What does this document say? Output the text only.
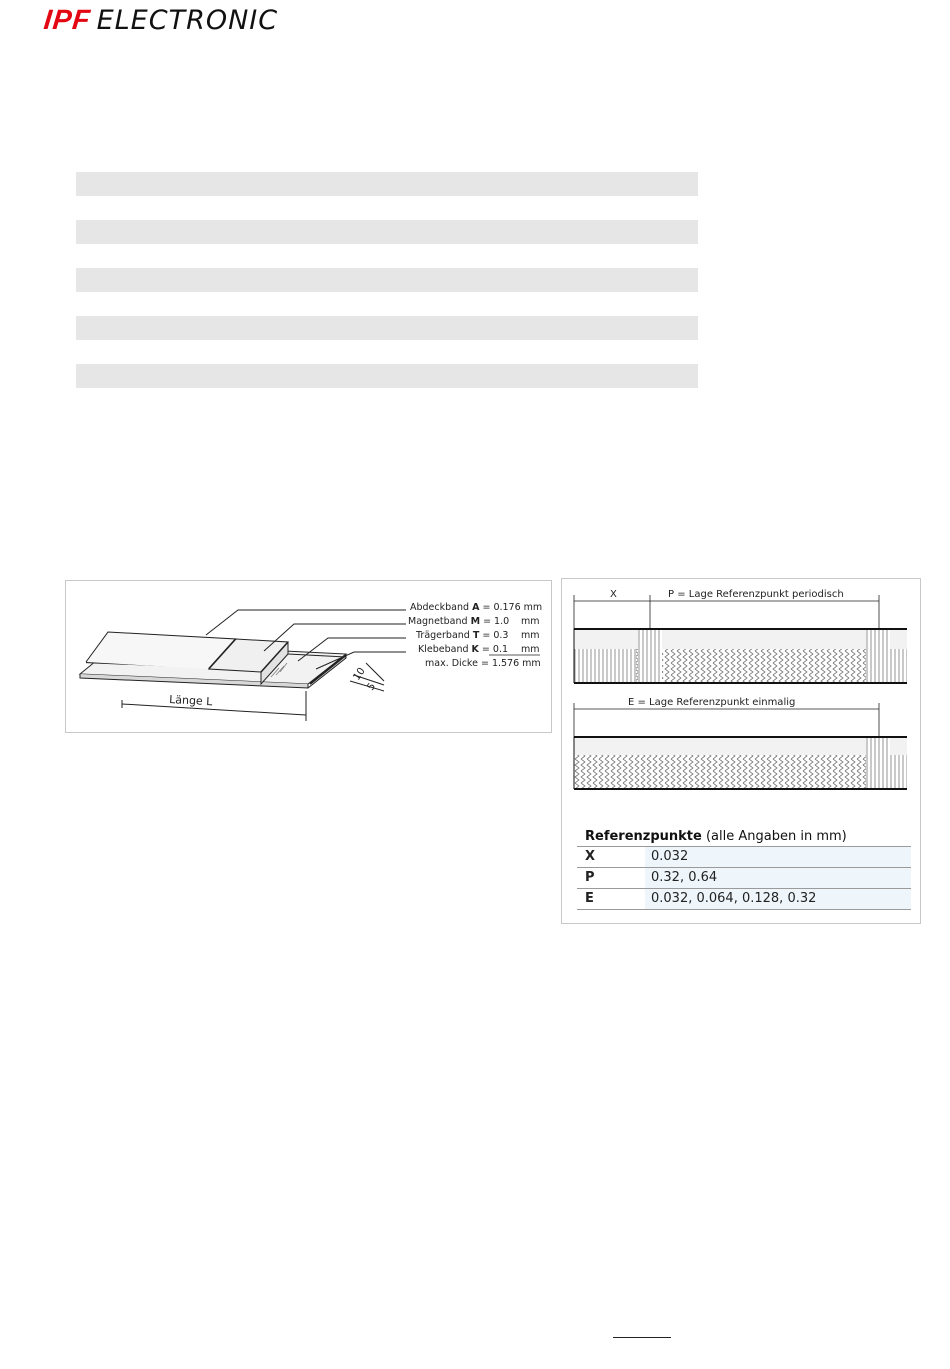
IPF ELECTRONIC
Abdeckband A = 0.176 mm
Magnetband M = 1.0 mm
Trägerband T = 0.3 mm
Klebeband K = 0.1 mm
max. Dicke = 1.576 mm
Länge L
10
5
X	P = Lage Referenzpunkt periodisch
E = Lage Referenzpunkt einmalig
Referenzpunkte (alle Angaben in mm)
X	0.032
P	0.32, 0.64
E	0.032, 0.064, 0.128, 0.32
